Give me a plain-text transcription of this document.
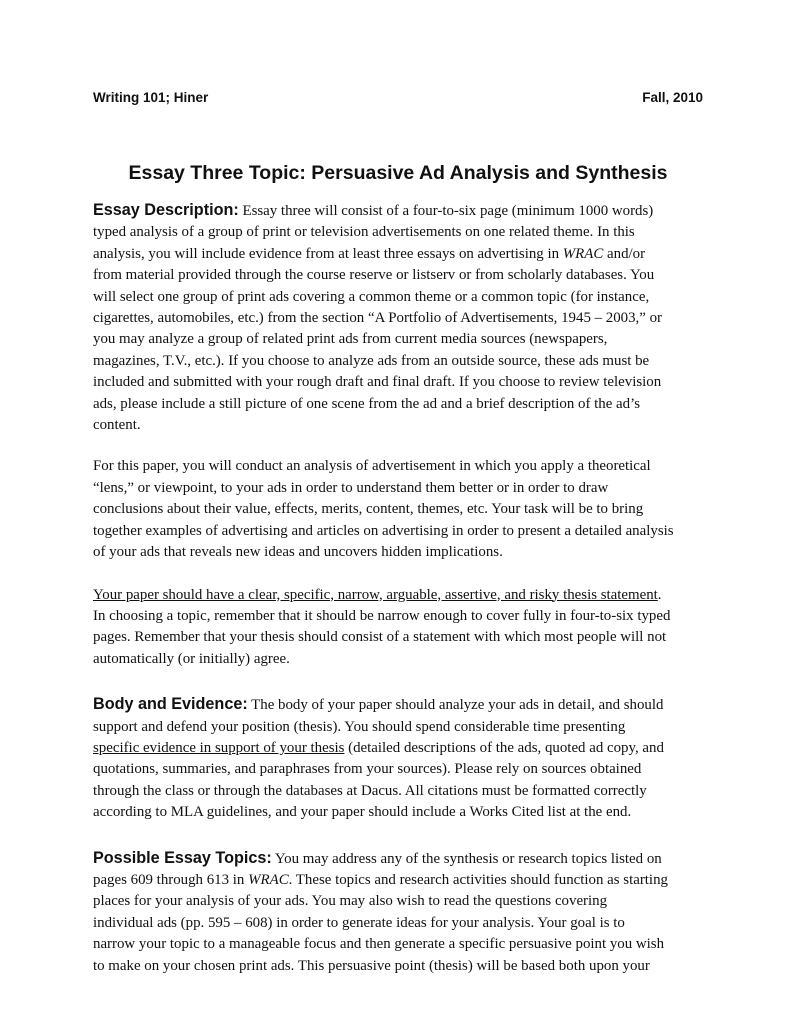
Writing 101; Hiner	Fall, 2010
Essay Three Topic: Persuasive Ad Analysis and Synthesis

Essay Description: Essay three will consist of a four-to-six page (minimum 1000 words)
typed analysis of a group of print or television advertisements on one related theme. In this
analysis, you will include evidence from at least three essays on advertising in WRAC and/or
from material provided through the course reserve or listserv or from scholarly databases. You
will select one group of print ads covering a common theme or a common topic (for instance,
cigarettes, automobiles, etc.) from the section “A Portfolio of Advertisements, 1945 – 2003,” or
you may analyze a group of related print ads from current media sources (newspapers,
magazines, T.V., etc.). If you choose to analyze ads from an outside source, these ads must be
included and submitted with your rough draft and final draft. If you choose to review television
ads, please include a still picture of one scene from the ad and a brief description of the ad’s
content.

For this paper, you will conduct an analysis of advertisement in which you apply a theoretical
“lens,” or viewpoint, to your ads in order to understand them better or in order to draw
conclusions about their value, effects, merits, content, themes, etc. Your task will be to bring
together examples of advertising and articles on advertising in order to present a detailed analysis
of your ads that reveals new ideas and uncovers hidden implications.

Your paper should have a clear, specific, narrow, arguable, assertive, and risky thesis statement.
In choosing a topic, remember that it should be narrow enough to cover fully in four-to-six typed
pages. Remember that your thesis should consist of a statement with which most people will not
automatically (or initially) agree.

Body and Evidence: The body of your paper should analyze your ads in detail, and should
support and defend your position (thesis). You should spend considerable time presenting
specific evidence in support of your thesis (detailed descriptions of the ads, quoted ad copy, and
quotations, summaries, and paraphrases from your sources). Please rely on sources obtained
through the class or through the databases at Dacus. All citations must be formatted correctly
according to MLA guidelines, and your paper should include a Works Cited list at the end.

Possible Essay Topics: You may address any of the synthesis or research topics listed on
pages 609 through 613 in WRAC. These topics and research activities should function as starting
places for your analysis of your ads. You may also wish to read the questions covering
individual ads (pp. 595 – 608) in order to generate ideas for your analysis. Your goal is to
narrow your topic to a manageable focus and then generate a specific persuasive point you wish
to make on your chosen print ads. This persuasive point (thesis) will be based both upon your
